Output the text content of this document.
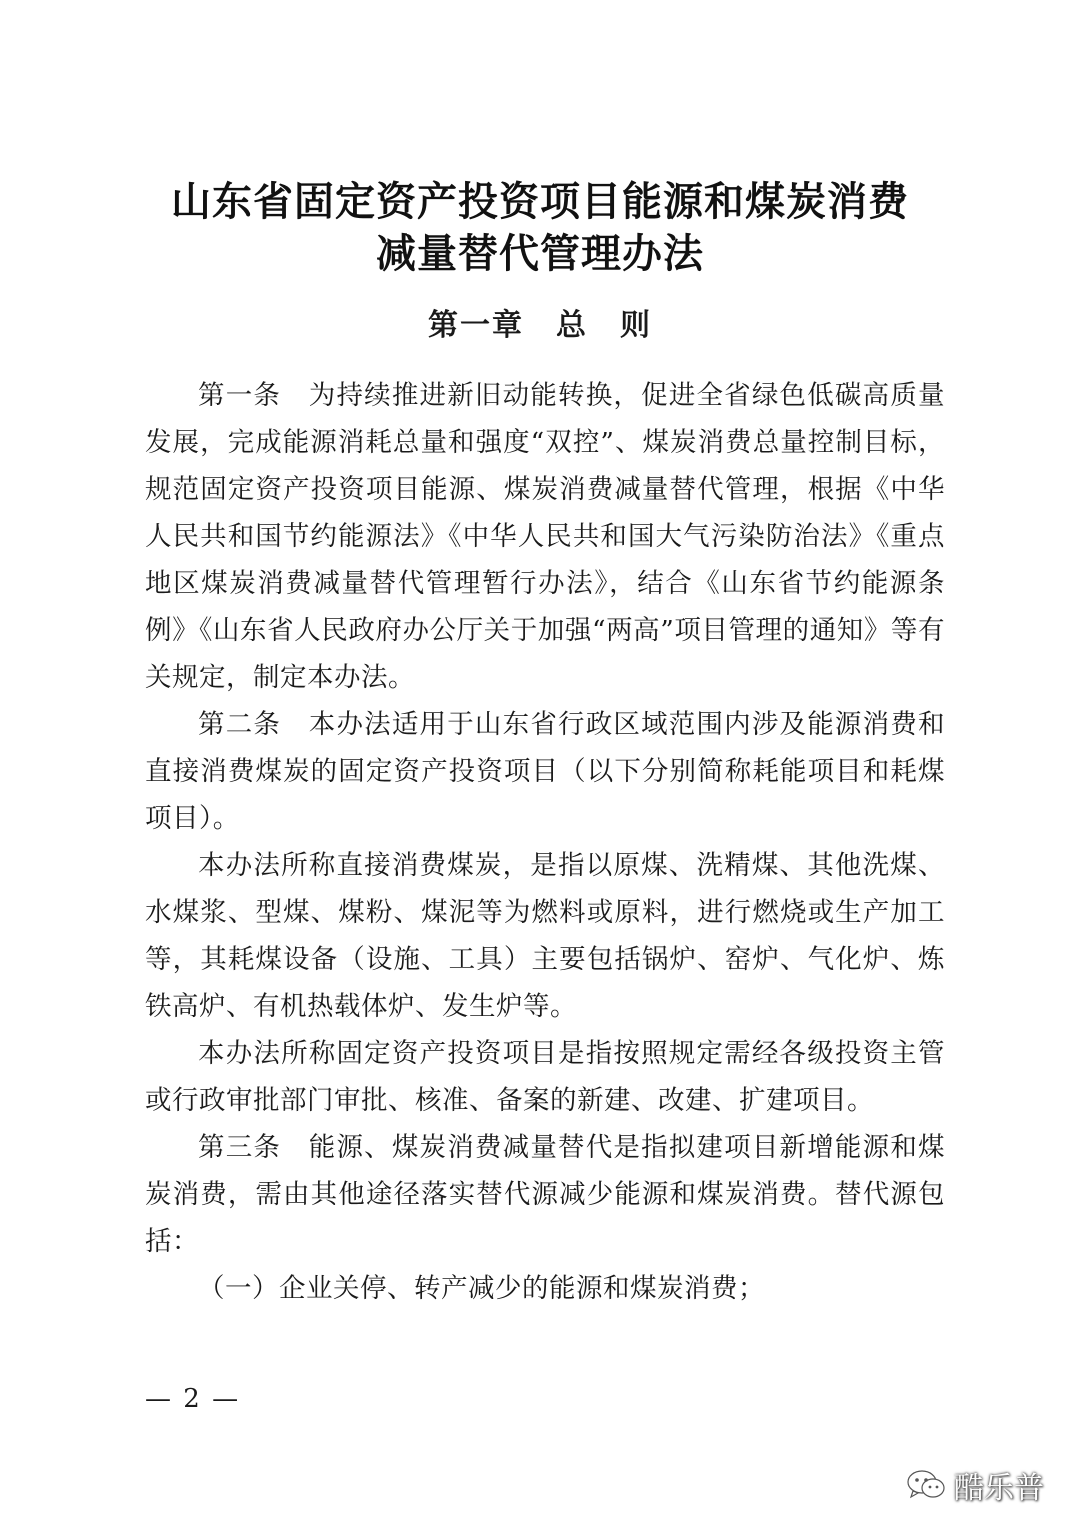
山东省固定资产投资项目能源和煤炭消费
减量替代管理办法
第一章　总　则

第一条　 为持续推进新旧动能转换，促进全省绿色低碳高质量发展，完成能源消耗总量和强度“双控”、煤炭消费总量控制目标，规范固定资产投资项目能源、煤炭消费减量替代管理，根据《中华人民共和国节约能源法》《中华人民共和国大气污染防治法》《重点地区煤炭消费减量替代管理暂行办法》，结合《山东省节约能源条例》《山东省人民政府办公厅关于加强“两高”项目管理的通知》等有关规定，制定本办法。

第二条　 本办法适用于山东省行政区域范围内涉及能源消费和直接消费煤炭的固定资产投资项目（以下分别简称耗能项目和耗煤项目）。

本办法所称直接消费煤炭，是指以原煤、洗精煤、其他洗煤、水煤浆、型煤、煤粉、煤泥等为燃料或原料，进行燃烧或生产加工等，其耗煤设备（设施、工具）主要包括锅炉、窑炉、气化炉、炼铁高炉、有机热载体炉、发生炉等。

本办法所称固定资产投资项目是指按照规定需经各级投资主管或行政审批部门审批、核准、备案的新建、改建、扩建项目。

第三条　 能源、煤炭消费减量替代是指拟建项目新增能源和煤炭消费，需由其他途径落实替代源减少能源和煤炭消费。替代源包括：

（一）企业关停、转产减少的能源和煤炭消费；

— 2 —
酷乐普
